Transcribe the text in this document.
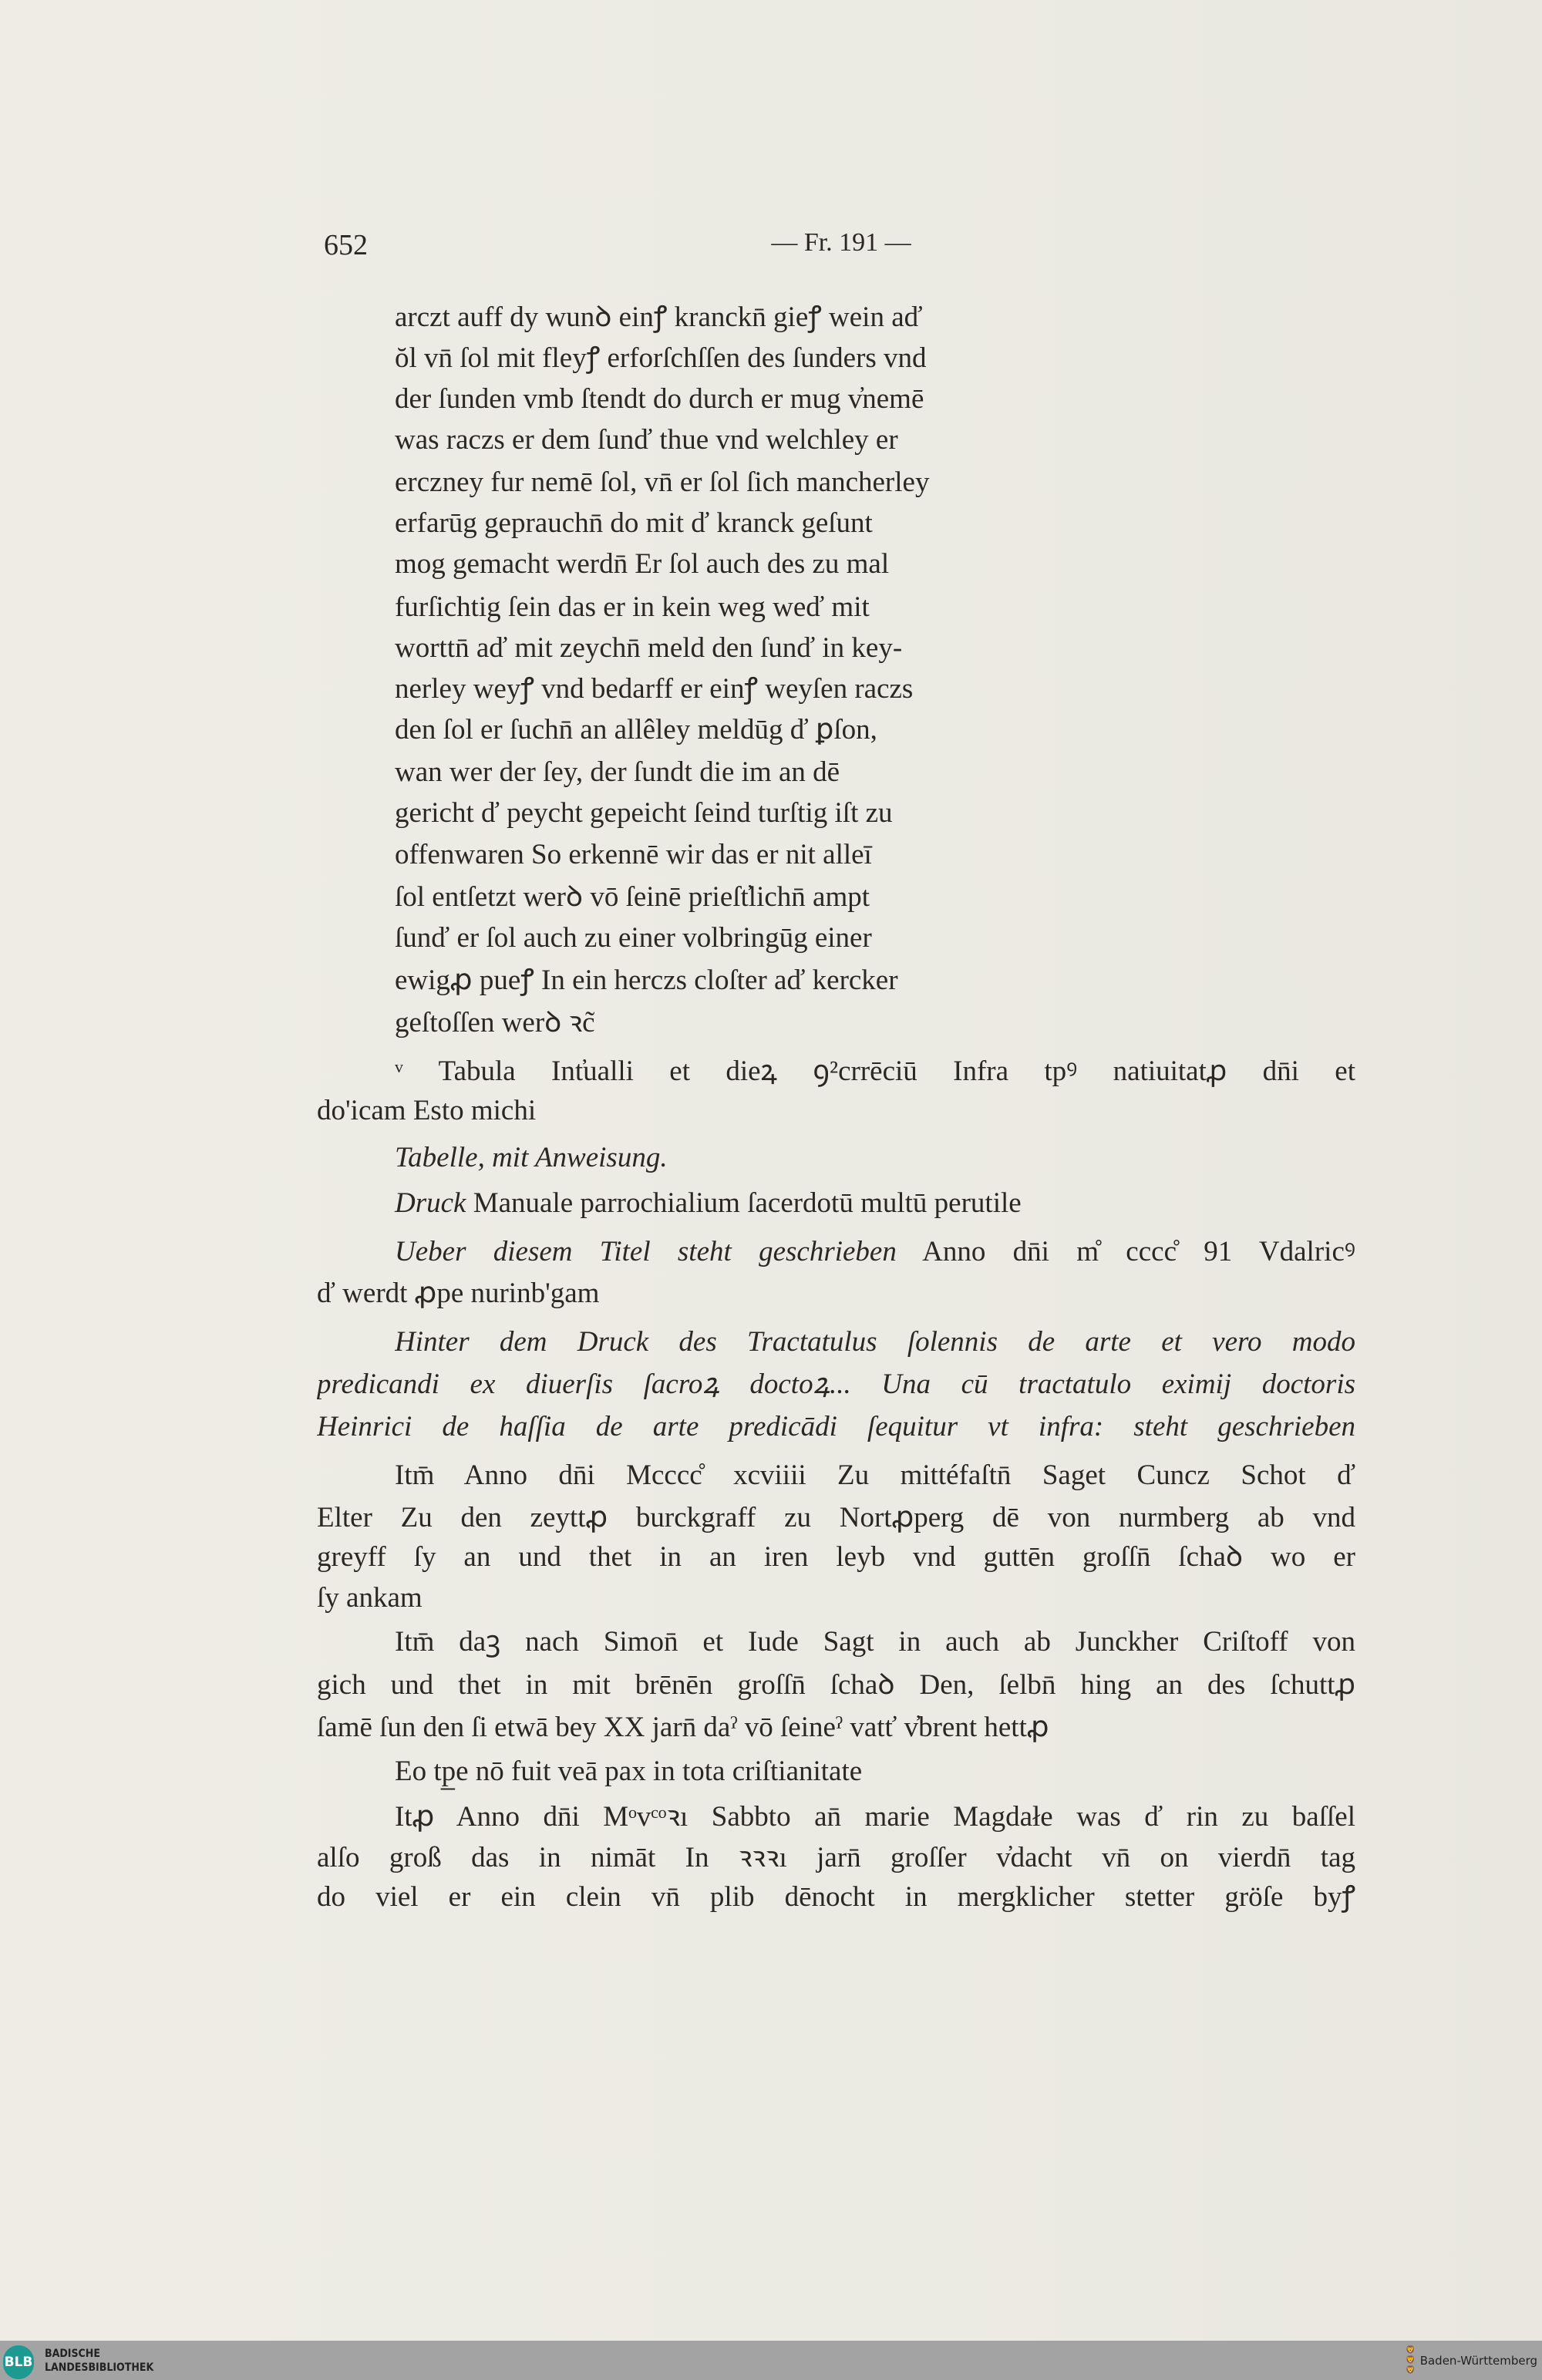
652	— Fr. 191 —
arczt auff dy wunꝺ einꝭ kranckn̄ gieꝭ wein aď
ŏl vn̄ ſol mit fleyꝭ erforſchſſen des ſunders vnd
der ſunden vmb ſtendt do durch er mug v̓nemē
was raczs er dem ſunď thue vnd welchley er
erczney fur nemē ſol, vn̄ er ſol ſich mancherley
erfarūg geprauchn̄ do mit ď kranck geſunt
mog gemacht werdn̄ Er ſol auch des zu mal
furſichtig ſein das er in kein weg weď mit
worttn̄ aď mit zeychn̄ meld den ſunď in key-
nerley weyꝭ vnd bedarff er einꝭ weyſen raczs
den ſol er ſuchn̄ an allêley meldūg ď ꝑſon,
wan wer der ſey, der ſundt die im an dē
gericht ď peycht gepeicht ſeind turſtig iſt zu
offenwaren So erkennē wir das er nit alleī
ſol entſetzt werꝺ vō ſeinē prieſt̕lichn̄ ampt
ſunď er ſol auch zu einer volbringūg einer
ewigꝓ pueꝭ In ein herczs cloſter aď kercker
geſtoſſen werꝺ ꝛc̃
ᵛ Tabula Int̕ualli et dieꝝ ꝯ²crrēciū Infra tpꝰ natiuitatꝓ dn̄i et
do'icam Esto michi
Tabelle, mit Anweisung.
Druck Manuale parrochialium ſacerdotū multū perutile
Ueber diesem Titel steht geschrieben Anno dn̄i m̊ cccc̊ 91 Vdalricꝰ
ď werdt ꝓpe nurinb'gam
Hinter dem Druck des Tractatulus ſolennis de arte et vero modo
predicandi ex diuerſis ſacroꝝ doctoꝝ... Una cū tractatulo eximij doctoris
Heinrici de haſſia de arte predicādi ſequitur vt infra: steht geschrieben
Itm̄ Anno dn̄i Mcccc̊ xcviiii Zu mittéfaſtn̄ Saget Cuncz Schot ď
Elter Zu den zeyttꝓ burckgraff zu Nortꝓperg dē von nurmberg ab vnd
greyff ſy an und thet in an iren leyb vnd guttēn groſſn̄ ſchaꝺ wo er
ſy ankam
Itm̄ daꝫ nach Simon̄ et Iude Sagt in auch ab Junckher Criſtoff von
gich und thet in mit brēnēn groſſn̄ ſchaꝺ Den, ſelbn̄ hing an des ſchuttꝓ
ſamē ſun den ſi etwā bey XX jarn̄ daˀ vō ſeineˀ vatť v̓brent hettꝓ
Eo tp̲e nō fuit veā pax in tota criſtianitate
Itꝓ Anno dn̄i Mᵒvᶜᵒꝛı Sabbto an̄ marie Magdałe was ď rin zu baſſel
alſo groß das in nimāt In ꝛꝛꝛı jarn̄ groſſer v̓dacht vn̄ on vierdn̄ tag
do viel er ein clein vn̄ plib dēnocht in mergklicher stetter gröſe byꝭ
BLB
BADISCHE
LANDESBIBLIOTHEK
🦁
🦁
🦁
Baden-Württemberg
